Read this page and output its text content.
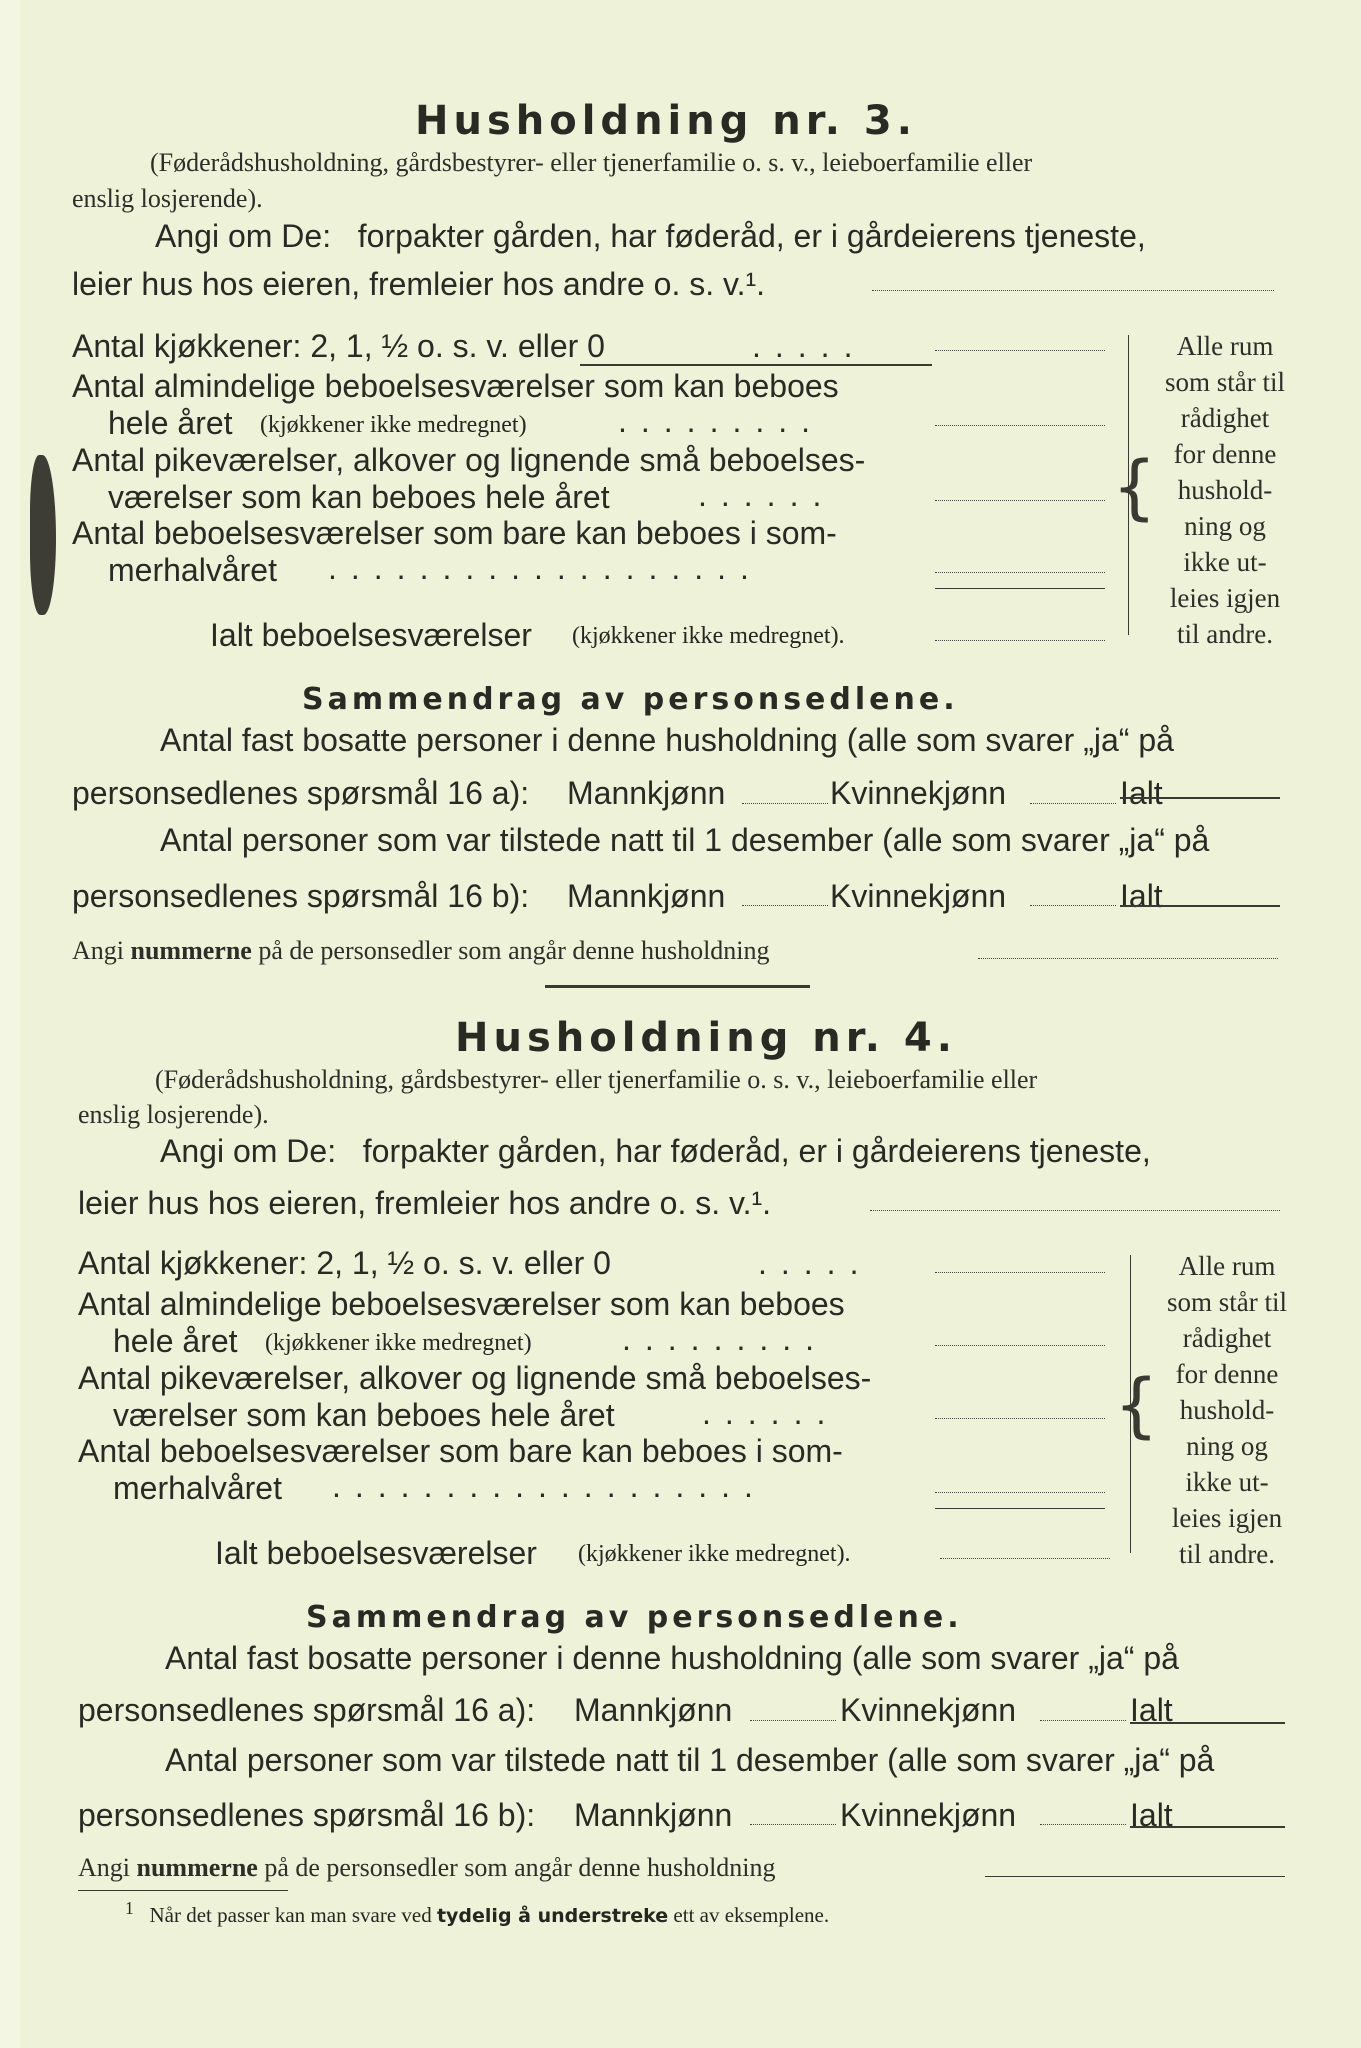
Husholdning nr. 3.
(Føderådshusholdning, gårdsbestyrer- eller tjenerfamilie o. s. v., leieboerfamilie eller
enslig losjerende).
Angi om De:   forpakter gården, har føderåd, er i gårdeierens tjeneste,
leier hus hos eieren, fremleier hos andre o. s. v.¹.
Antal kjøkkener: 2, 1, ½ o. s. v. eller 0	.....
Antal almindelige beboelsesværelser som kan beboes
hele året (kjøkkener ikke medregnet)	.........
Antal pikeværelser, alkover og lignende små beboelses-
værelser som kan beboes hele året	......
Antal beboelsesværelser som bare kan beboes i som-
merhalvåret ...................
Ialt beboelsesværelser (kjøkkener ikke medregnet).
{
Alle rum
som står til
rådighet
for denne
hushold-
ning og
ikke ut-
leies igjen
til andre.
Sammendrag av personsedlene.
Antal fast bosatte personer i denne husholdning (alle som svarer „ja“ på
personsedlenes spørsmål 16 a): Mannkjønn	Kvinnekjønn	Ialt
Antal personer som var tilstede natt til 1 desember (alle som svarer „ja“ på
personsedlenes spørsmål 16 b): Mannkjønn	Kvinnekjønn	Ialt
Angi nummerne på de personsedler som angår denne husholdning
Husholdning nr. 4.
(Føderådshusholdning, gårdsbestyrer- eller tjenerfamilie o. s. v., leieboerfamilie eller
enslig losjerende).
Angi om De:   forpakter gården, har føderåd, er i gårdeierens tjeneste,
leier hus hos eieren, fremleier hos andre o. s. v.¹.
Antal kjøkkener: 2, 1, ½ o. s. v. eller 0	.....
Antal almindelige beboelsesværelser som kan beboes
hele året (kjøkkener ikke medregnet)	.........
Antal pikeværelser, alkover og lignende små beboelses-
værelser som kan beboes hele året	......
Antal beboelsesværelser som bare kan beboes i som-
merhalvåret ...................
Ialt beboelsesværelser (kjøkkener ikke medregnet).
{
Alle rum
som står til
rådighet
for denne
hushold-
ning og
ikke ut-
leies igjen
til andre.
Sammendrag av personsedlene.
Antal fast bosatte personer i denne husholdning (alle som svarer „ja“ på
personsedlenes spørsmål 16 a): Mannkjønn	Kvinnekjønn	Ialt
Antal personer som var tilstede natt til 1 desember (alle som svarer „ja“ på
personsedlenes spørsmål 16 b): Mannkjønn	Kvinnekjønn	Ialt
Angi nummerne på de personsedler som angår denne husholdning
$^1$ Når det passer kan man svare ved tydelig å understreke ett av eksemplene.
